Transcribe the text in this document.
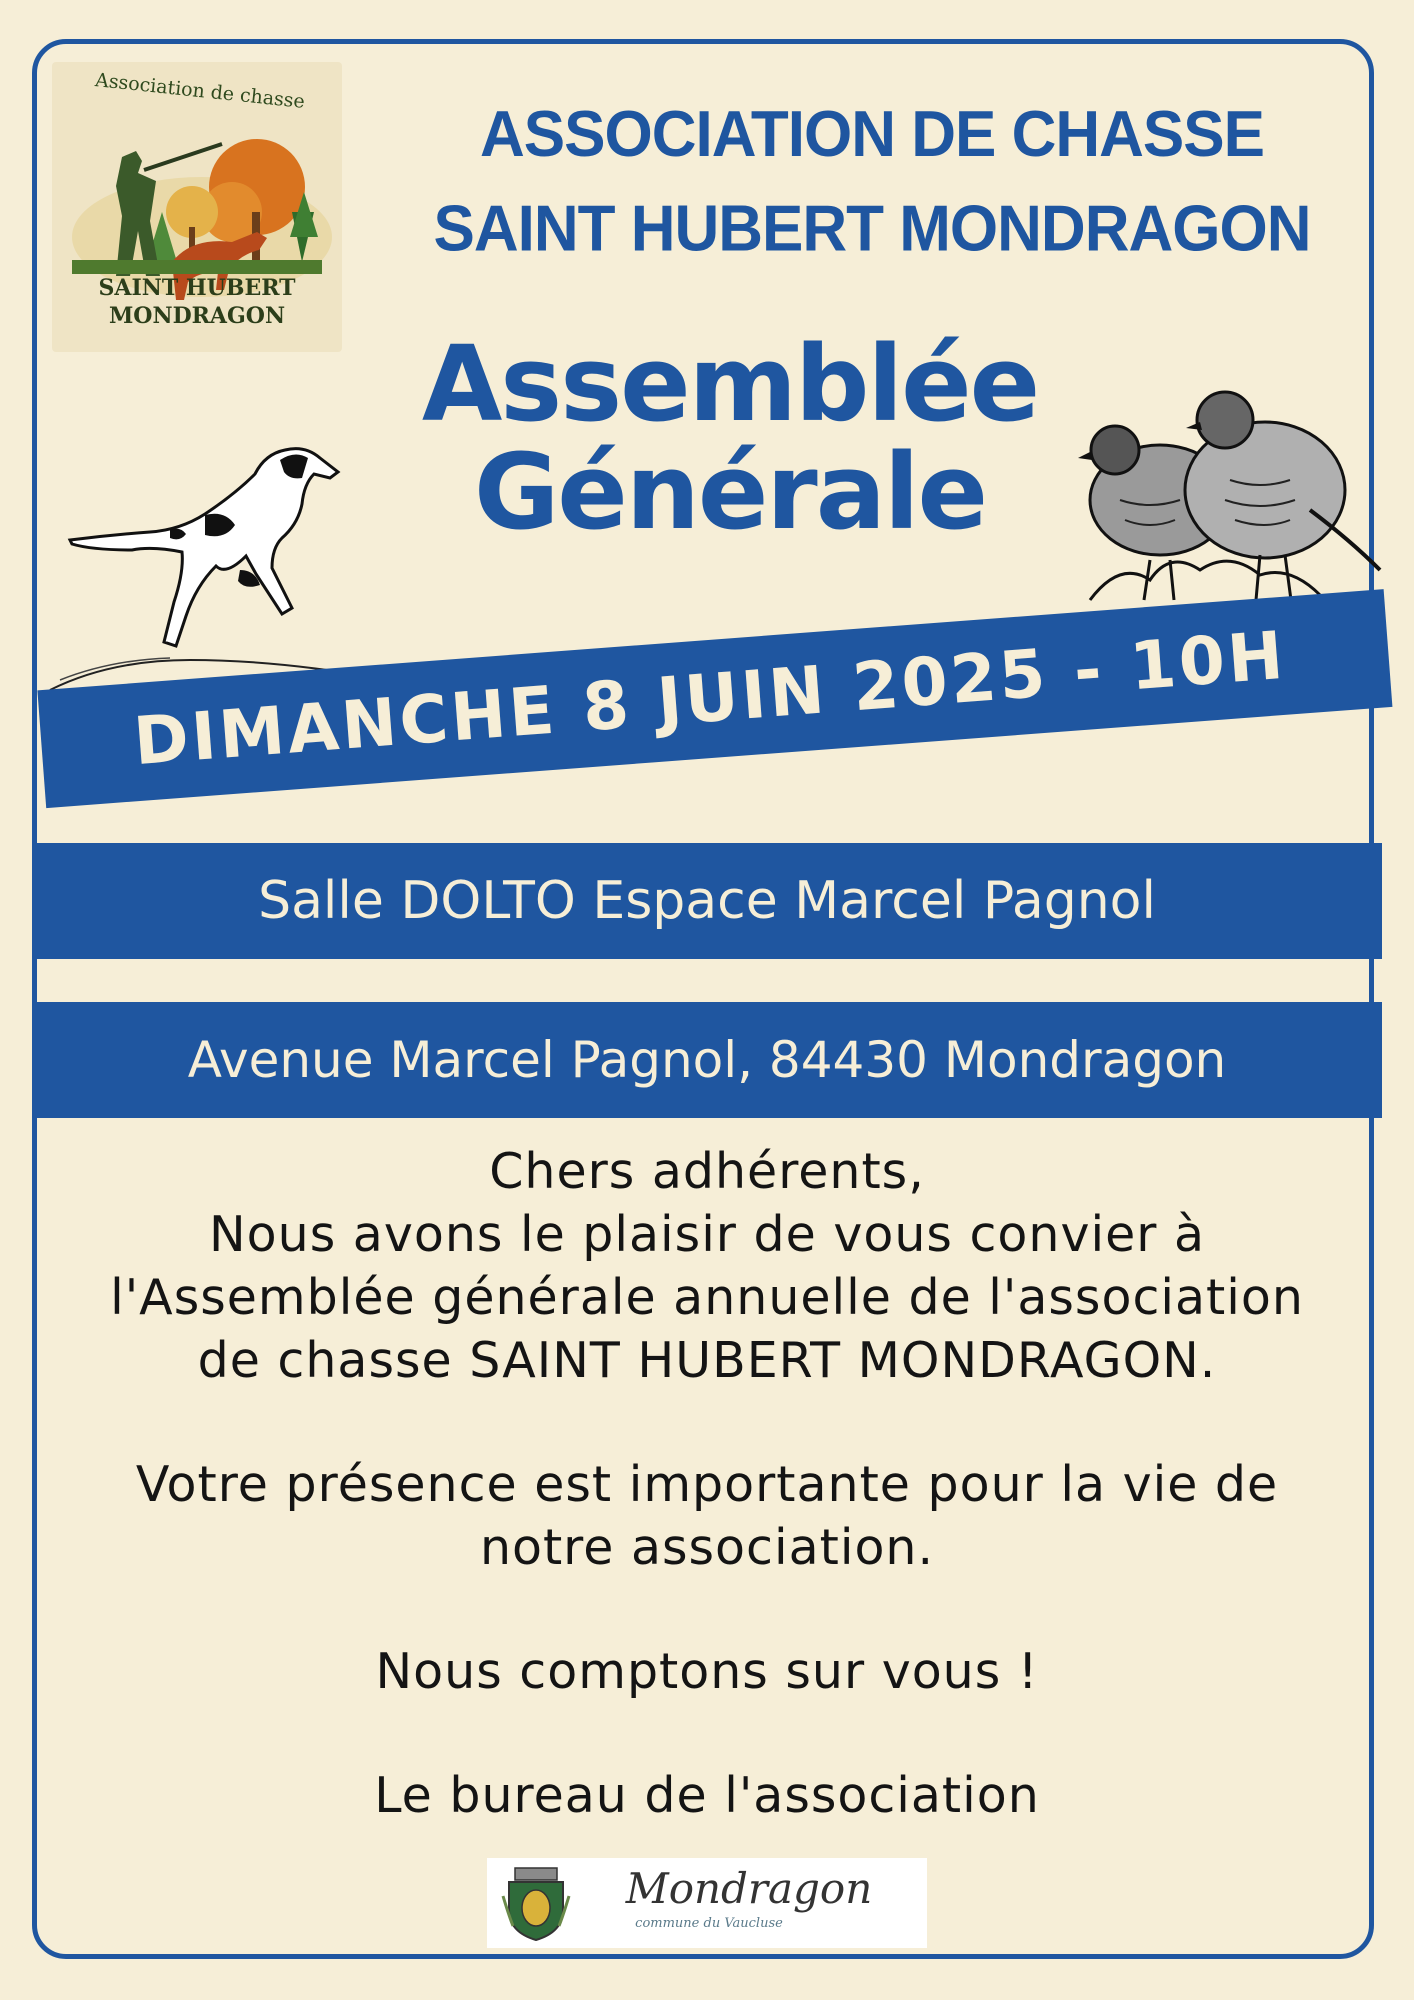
Association de chasse
SAINT HUBERT
MONDRAGON
ASSOCIATION DE CHASSE
SAINT HUBERT MONDRAGON
Assemblée
Générale
DIMANCHE 8 JUIN 2025 - 10H
Salle DOLTO Espace Marcel Pagnol
Avenue Marcel Pagnol, 84430 Mondragon

Chers adhérents,

Nous avons le plaisir de vous convier à

l'Assemblée générale annuelle de l'association

de chasse SAINT HUBERT MONDRAGON.

Votre présence est importante pour la vie de

notre association.

Nous comptons sur vous !

Le bureau de l'association

Mondragon
commune du Vaucluse
